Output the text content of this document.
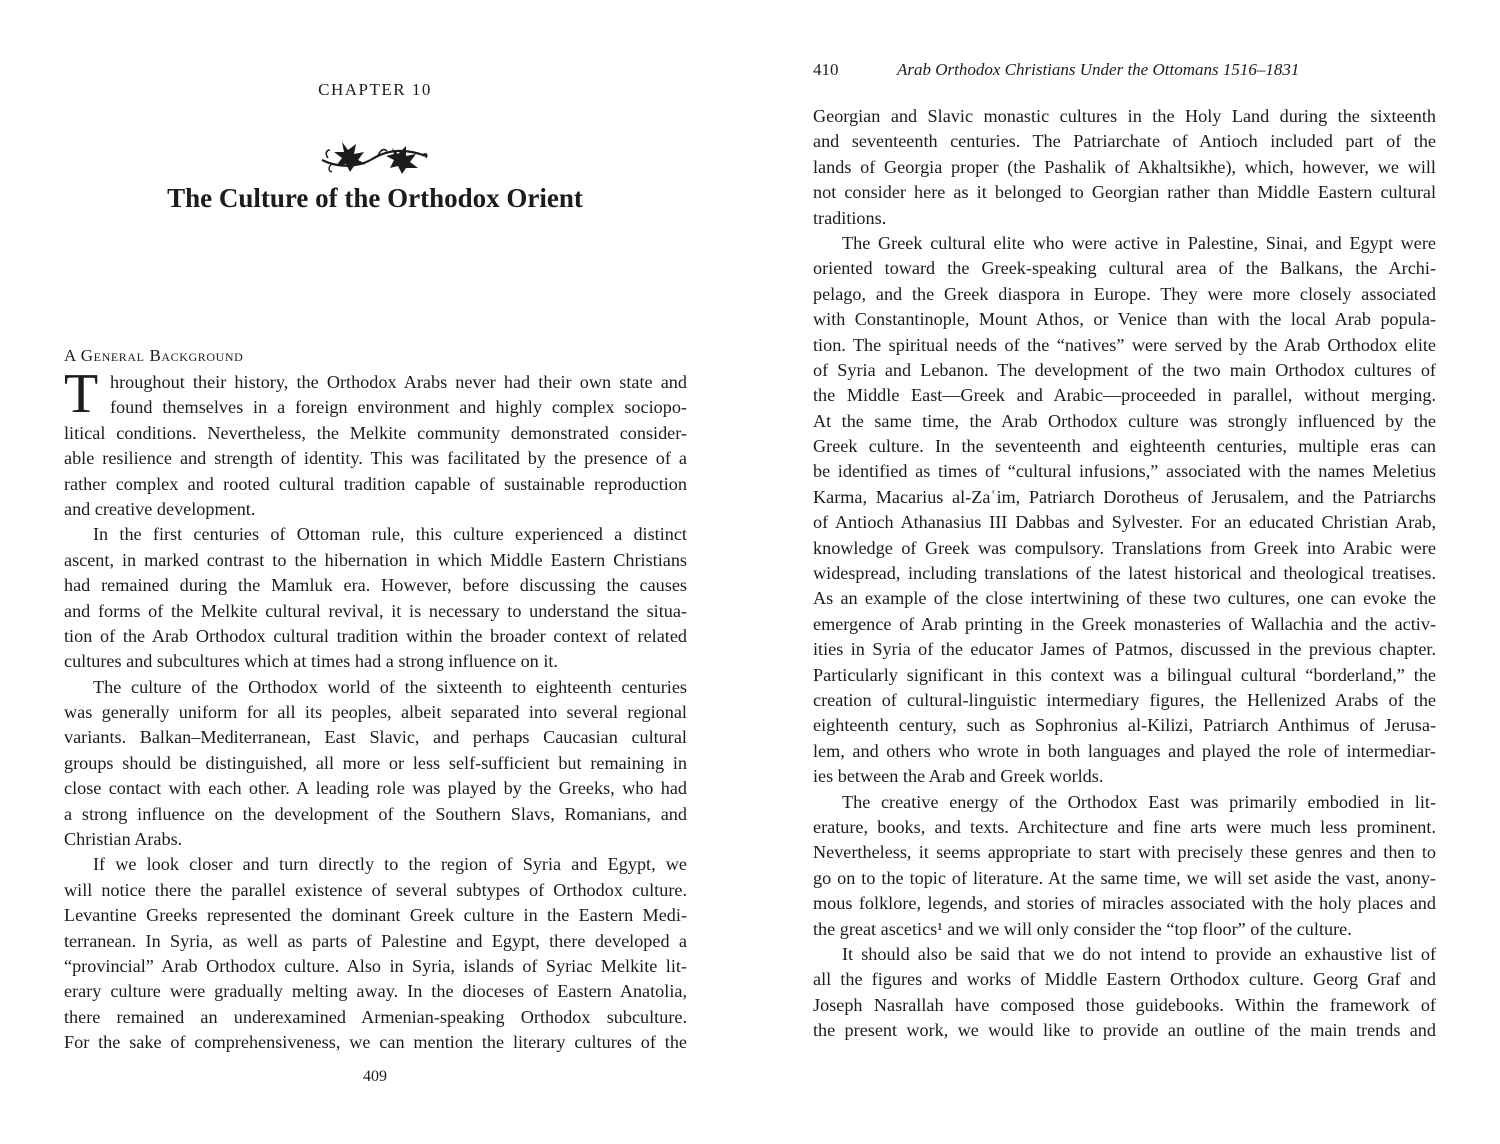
CHAPTER 10
The Culture of the Orthodox Orient
A General Background
T hroughout their history, the Orthodox Arabs never had their own state and
found themselves in a foreign environment and highly complex sociopo-
litical conditions. Nevertheless, the Melkite community demonstrated consider-
able resilience and strength of identity. This was facilitated by the presence of a
rather complex and rooted cultural tradition capable of sustainable reproduction
and creative development.
In the first centuries of Ottoman rule, this culture experienced a distinct
ascent, in marked contrast to the hibernation in which Middle Eastern Christians
had remained during the Mamluk era. However, before discussing the causes
and forms of the Melkite cultural revival, it is necessary to understand the situa-
tion of the Arab Orthodox cultural tradition within the broader context of related
cultures and subcultures which at times had a strong influence on it.
The culture of the Orthodox world of the sixteenth to eighteenth centuries
was generally uniform for all its peoples, albeit separated into several regional
variants. Balkan–Mediterranean, East Slavic, and perhaps Caucasian cultural
groups should be distinguished, all more or less self-sufficient but remaining in
close contact with each other. A leading role was played by the Greeks, who had
a strong influence on the development of the Southern Slavs, Romanians, and
Christian Arabs.
If we look closer and turn directly to the region of Syria and Egypt, we
will notice there the parallel existence of several subtypes of Orthodox culture.
Levantine Greeks represented the dominant Greek culture in the Eastern Medi-
terranean. In Syria, as well as parts of Palestine and Egypt, there developed a
“provincial” Arab Orthodox culture. Also in Syria, islands of Syriac Melkite lit-
erary culture were gradually melting away. In the dioceses of Eastern Anatolia,
there remained an underexamined Armenian-speaking Orthodox subculture.
For the sake of comprehensiveness, we can mention the literary cultures of the
409
410	Arab Orthodox Christians Under the Ottomans 1516–1831
Georgian and Slavic monastic cultures in the Holy Land during the sixteenth
and seventeenth centuries. The Patriarchate of Antioch included part of the
lands of Georgia proper (the Pashalik of Akhaltsikhe), which, however, we will
not consider here as it belonged to Georgian rather than Middle Eastern cultural
traditions.
The Greek cultural elite who were active in Palestine, Sinai, and Egypt were
oriented toward the Greek-speaking cultural area of the Balkans, the Archi-
pelago, and the Greek diaspora in Europe. They were more closely associated
with Constantinople, Mount Athos, or Venice than with the local Arab popula-
tion. The spiritual needs of the “natives” were served by the Arab Orthodox elite
of Syria and Lebanon. The development of the two main Orthodox cultures of
the Middle East—Greek and Arabic—proceeded in parallel, without merging.
At the same time, the Arab Orthodox culture was strongly influenced by the
Greek culture. In the seventeenth and eighteenth centuries, multiple eras can
be identified as times of “cultural infusions,” associated with the names Meletius
Karma, Macarius al-Zaʿim, Patriarch Dorotheus of Jerusalem, and the Patriarchs
of Antioch Athanasius III Dabbas and Sylvester. For an educated Christian Arab,
knowledge of Greek was compulsory. Translations from Greek into Arabic were
widespread, including translations of the latest historical and theological treatises.
As an example of the close intertwining of these two cultures, one can evoke the
emergence of Arab printing in the Greek monasteries of Wallachia and the activ-
ities in Syria of the educator James of Patmos, discussed in the previous chapter.
Particularly significant in this context was a bilingual cultural “borderland,” the
creation of cultural-linguistic intermediary figures, the Hellenized Arabs of the
eighteenth century, such as Sophronius al-Kilizi, Patriarch Anthimus of Jerusa-
lem, and others who wrote in both languages and played the role of intermediar-
ies between the Arab and Greek worlds.
The creative energy of the Orthodox East was primarily embodied in lit-
erature, books, and texts. Architecture and fine arts were much less prominent.
Nevertheless, it seems appropriate to start with precisely these genres and then to
go on to the topic of literature. At the same time, we will set aside the vast, anony-
mous folklore, legends, and stories of miracles associated with the holy places and
the great ascetics¹ and we will only consider the “top floor” of the culture.
It should also be said that we do not intend to provide an exhaustive list of
all the figures and works of Middle Eastern Orthodox culture. Georg Graf and
Joseph Nasrallah have composed those guidebooks. Within the framework of
the present work, we would like to provide an outline of the main trends and
